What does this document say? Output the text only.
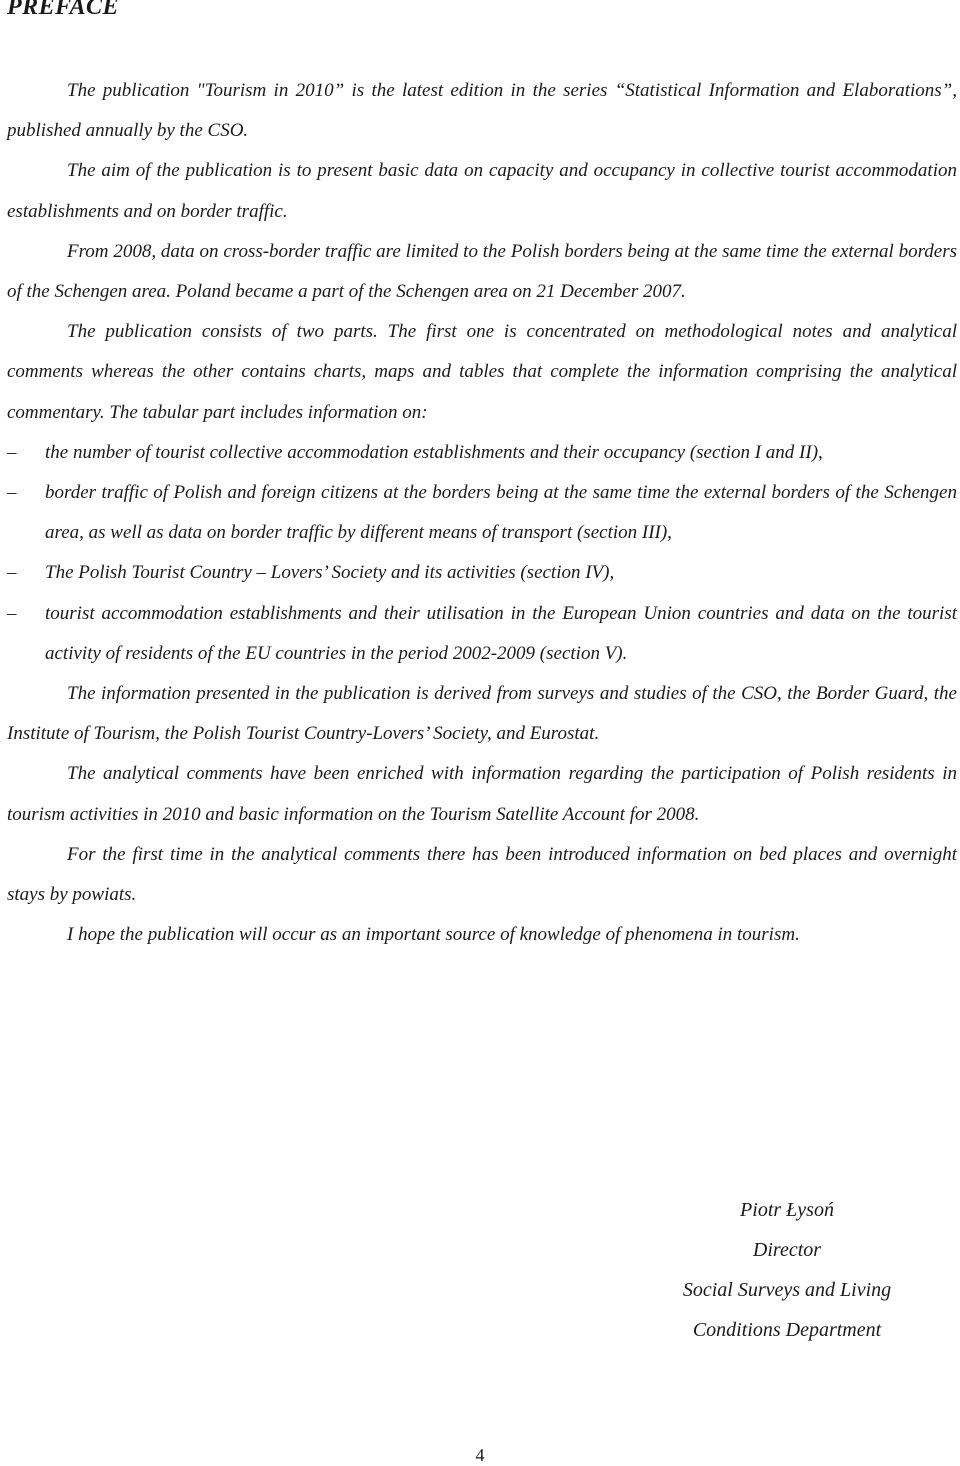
PREFACE

The publication "Tourism in 2010” is the latest edition in the series “Statistical Information and Elaborations”, published annually by the CSO.

The aim of the publication is to present basic data on capacity and occupancy in collective tourist accommodation establishments and on border traffic.

From 2008, data on cross-border traffic are limited to the Polish borders being at the same time the external borders of the Schengen area. Poland became a part of the Schengen area on 21 December 2007.

The publication consists of two parts. The first one is concentrated on methodological notes and analytical comments whereas the other contains charts, maps and tables that complete the information comprising the analytical commentary. The tabular part includes information on:

– the number of tourist collective accommodation establishments and their occupancy (section I and II),
– border traffic of Polish and foreign citizens at the borders being at the same time the external borders of the Schengen area, as well as data on border traffic by different means of transport (section III),
– The Polish Tourist Country – Lovers’ Society and its activities (section IV),
– tourist accommodation establishments and their utilisation in the European Union countries and data on the tourist activity of residents of the EU countries in the period 2002-2009 (section V).

The information presented in the publication is derived from surveys and studies of the CSO, the Border Guard, the Institute of Tourism, the Polish Tourist Country-Lovers’ Society, and Eurostat.

The analytical comments have been enriched with information regarding the participation of Polish residents in tourism activities in 2010 and basic information on the Tourism Satellite Account for 2008.

For the first time in the analytical comments there has been introduced information on bed places and overnight stays by powiats.

I hope the publication will occur as an important source of knowledge of phenomena in tourism.

Piotr Łysoń
Director
Social Surveys and Living
Conditions Department
4
